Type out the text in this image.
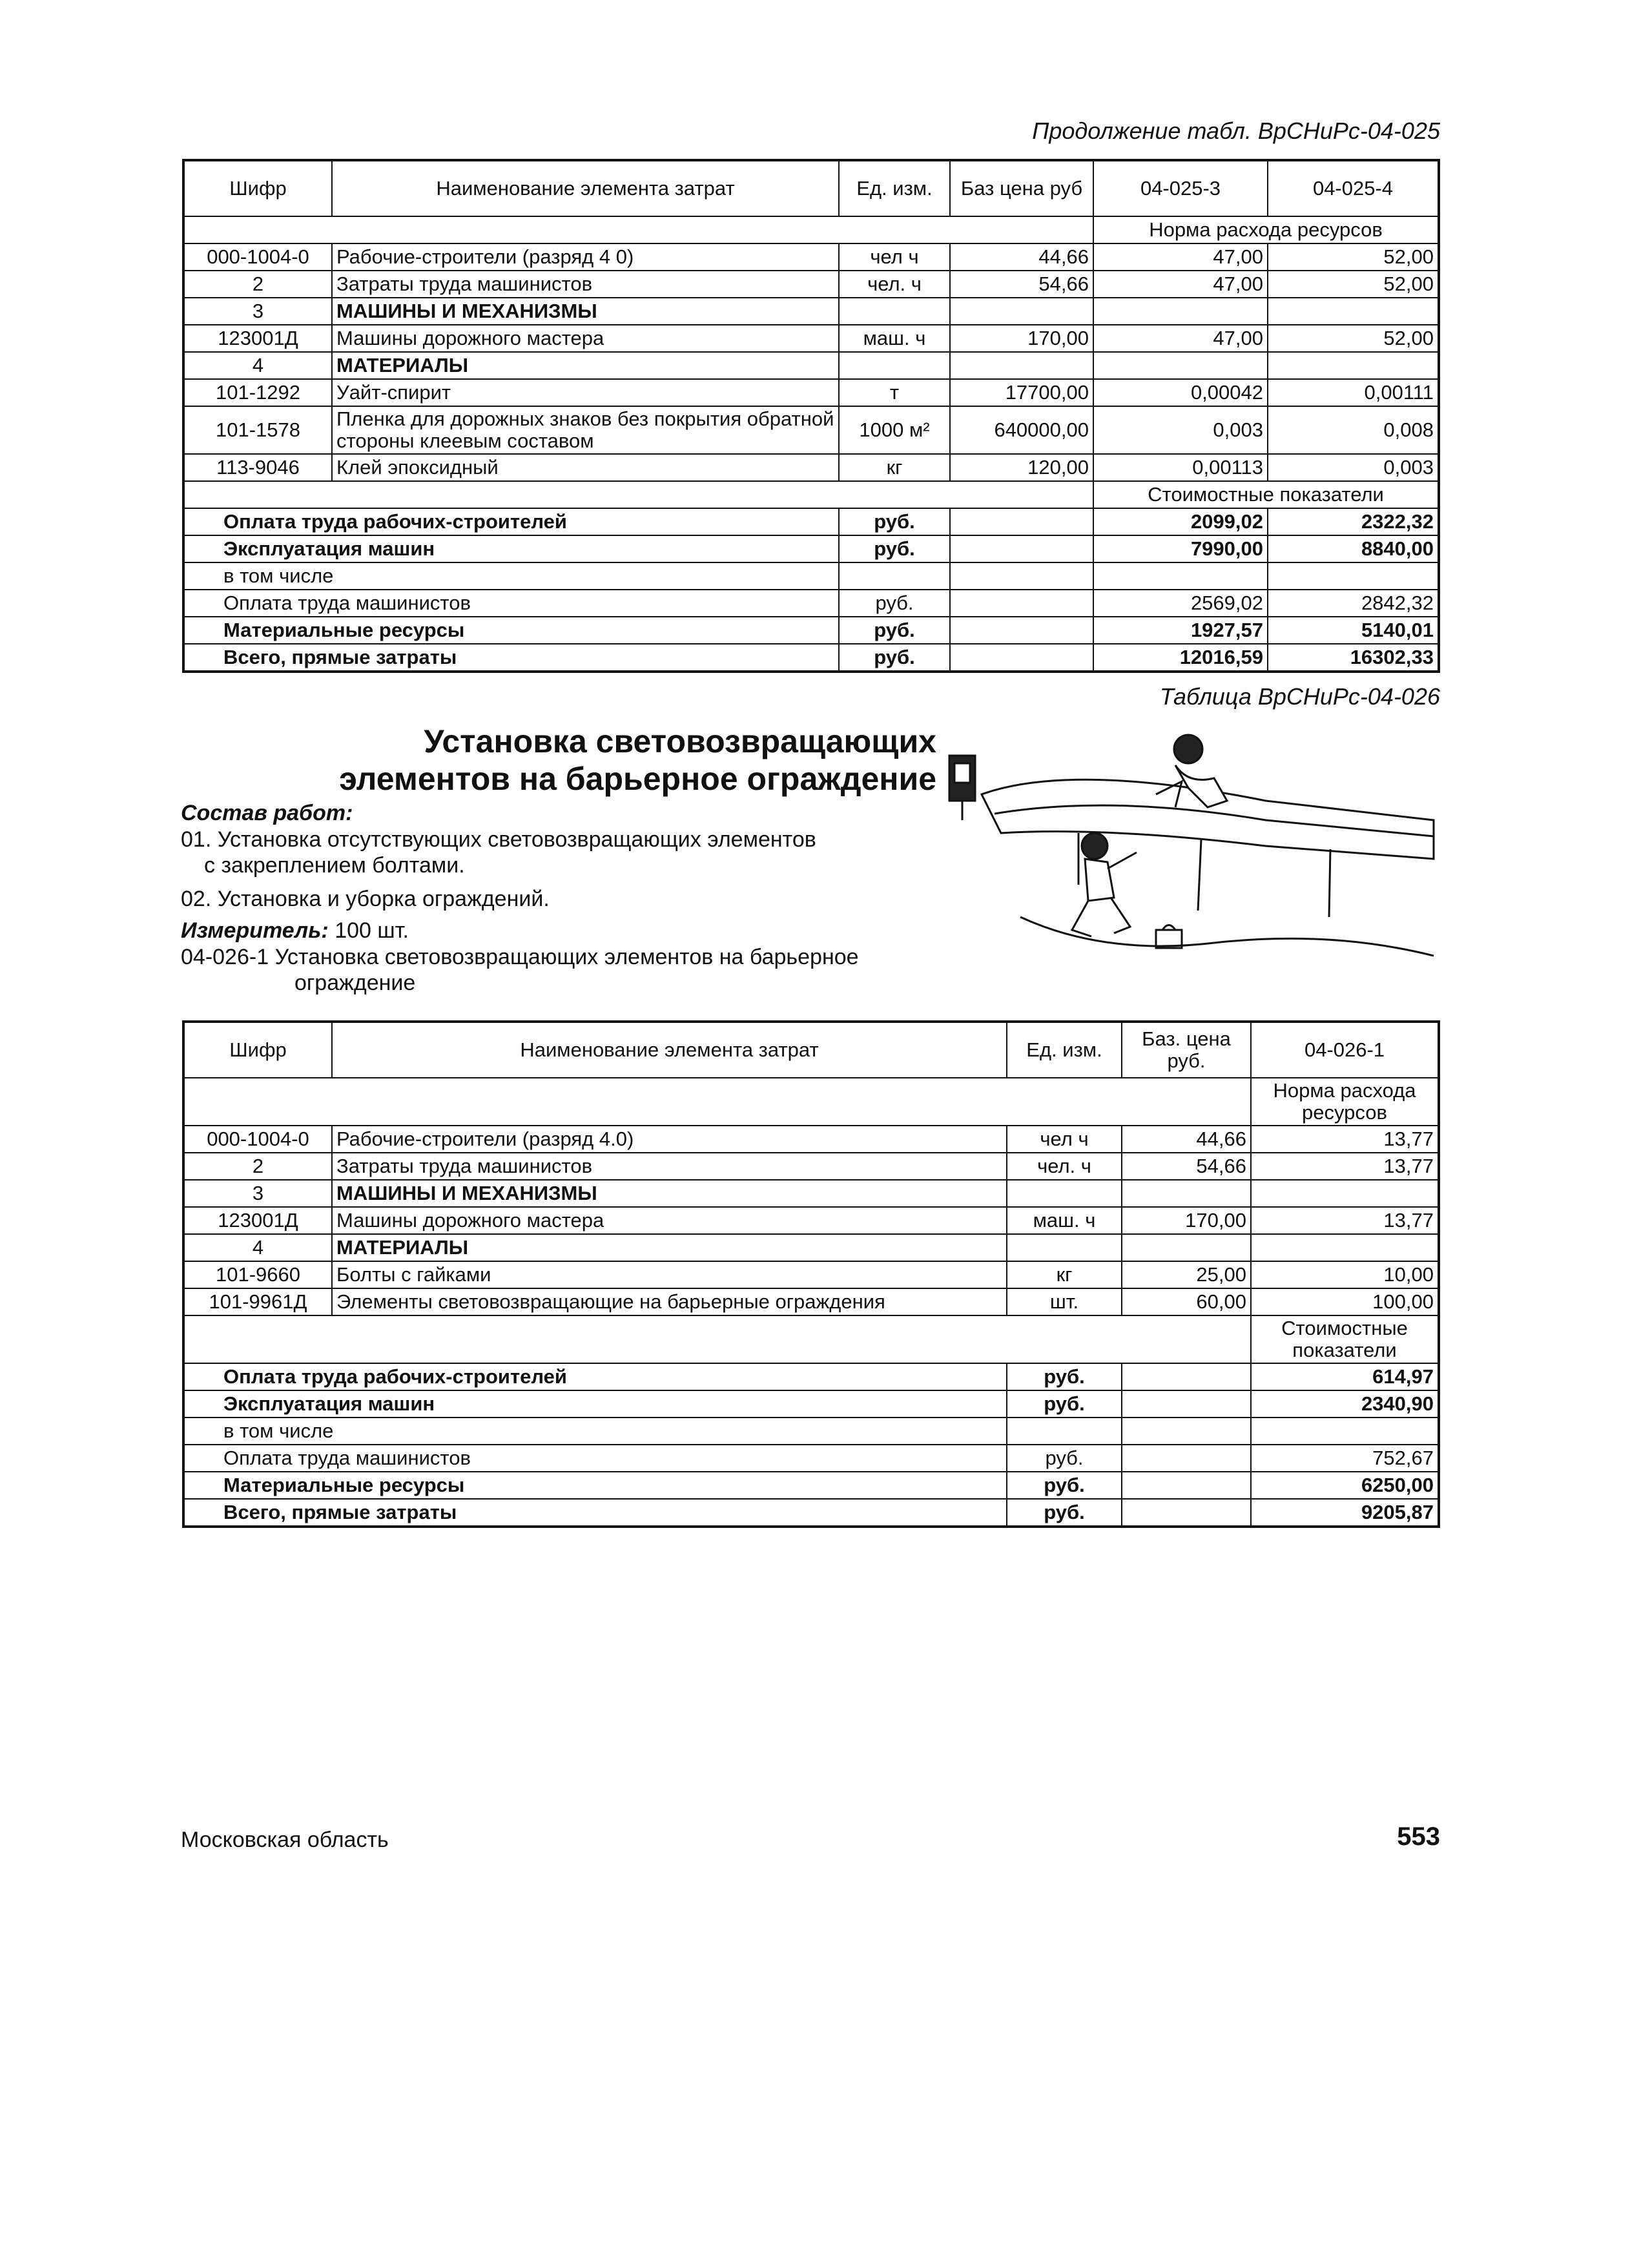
Продолжение табл. ВрСНиРс-04-025
Шифр	Наименование элемента затрат	Ед. изм.	Баз цена руб	04-025-3	04-025-4
				Норма расхода ресурсов	
000-1004-0	Рабочие-строители (разряд 4 0)	чел ч	44,66	47,00	52,00
2	Затраты труда машинистов	чел. ч	54,66	47,00	52,00
3	МАШИНЫ И МЕХАНИЗМЫ				
123001Д	Машины дорожного мастера	маш. ч	170,00	47,00	52,00
4	МАТЕРИАЛЫ				
101-1292	Уайт-спирит	т	17700,00	0,00042	0,00111
101-1578	Пленка для дорожных знаков без покрытия обратной стороны клеевым составом	1000 м²	640000,00	0,003	0,008
113-9046	Клей эпоксидный	кг	120,00	0,00113	0,003
				Стоимостные показатели	
Оплата труда рабочих-строителей		руб.		2099,02	2322,32
Эксплуатация машин		руб.		7990,00	8840,00
в том числе					
Оплата труда машинистов		руб.		2569,02	2842,32
Материальные ресурсы		руб.		1927,57	5140,01
Всего, прямые затраты		руб.		12016,59	16302,33
Таблица ВрСНиРс-04-026
Установка световозвращающих
элементов на барьерное ограждение
Состав работ:
01. Установка отсутствующих световозвращающих элементов
с закреплением болтами.
02. Установка и уборка ограждений.
Измеритель: 100 шт.
04-026-1 Установка световозвращающих элементов на барьерное
ограждение
Шифр	Наименование элемента затрат	Ед. изм.	Баз. цена руб.	04-026-1
				Норма расхода ресурсов
000-1004-0	Рабочие-строители (разряд 4.0)	чел ч	44,66	13,77
2	Затраты труда машинистов	чел. ч	54,66	13,77
3	МАШИНЫ И МЕХАНИЗМЫ			
123001Д	Машины дорожного мастера	маш. ч	170,00	13,77
4	МАТЕРИАЛЫ			
101-9660	Болты с гайками	кг	25,00	10,00
101-9961Д	Элементы световозвращающие на барьерные ограждения	шт.	60,00	100,00
				Стоимостные показатели
Оплата труда рабочих-строителей		руб.		614,97
Эксплуатация машин		руб.		2340,90
в том числе				
Оплата труда машинистов		руб.		752,67
Материальные ресурсы		руб.		6250,00
Всего, прямые затраты		руб.		9205,87
Московская область	553
